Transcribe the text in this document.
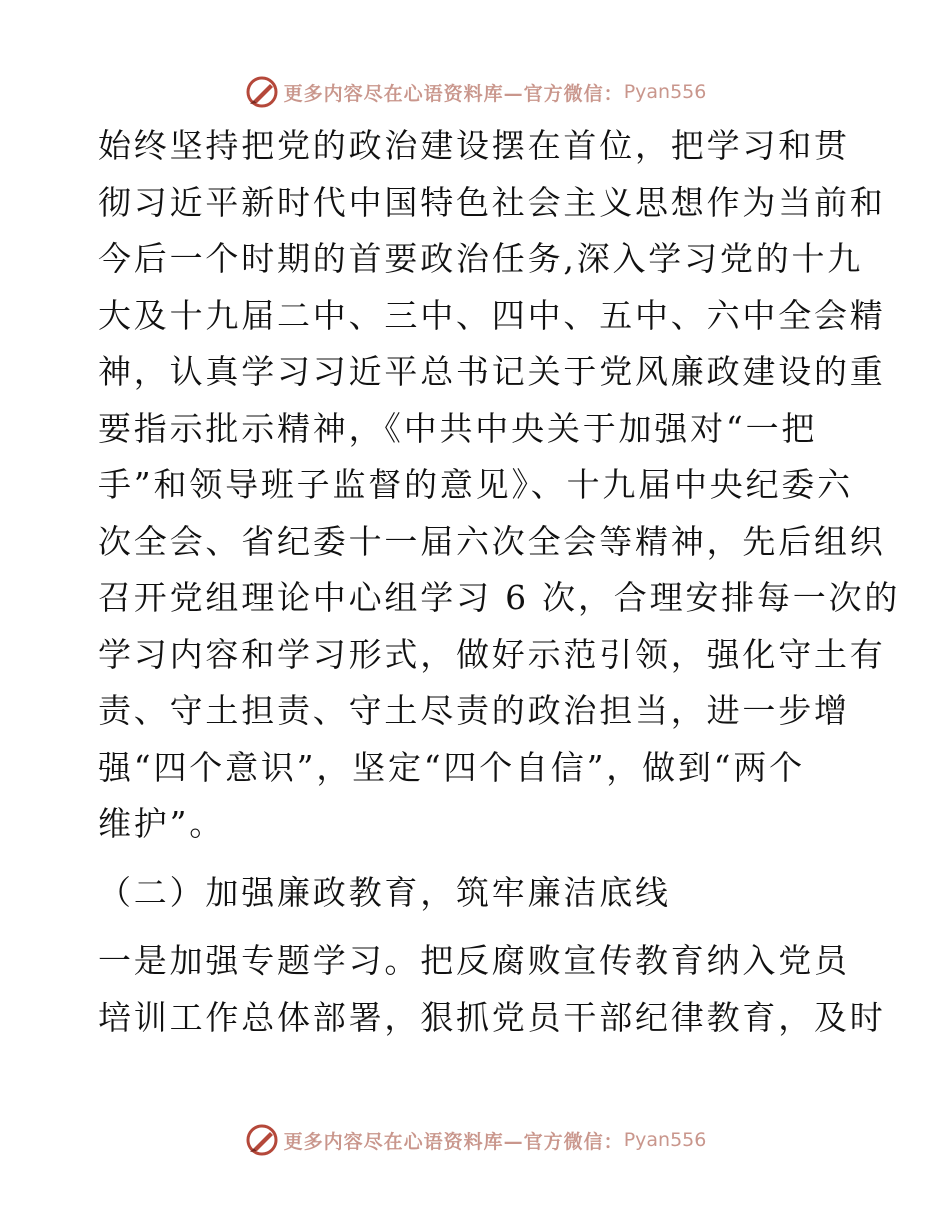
更多内容尽在心语资料库— 官方微信： Pyan556
始终坚持把党的政治建设摆在首位，把学习和贯
彻习近平新时代中国特色社会主义思想作为当前和
今后一个时期的首要政治任务,深入学习党的十九
大及十九届二中、三中、四中、五中、六中全会精
神，认真学习习近平总书记关于党风廉政建设的重
要指示批示精神，《中共中央关于加强对“一把
手”和领导班子监督的意见》、十九届中央纪委六
次全会、省纪委十一届六次全会等精神，先后组织
召开党组理论中心组学习 6 次，合理安排每一次的
学习内容和学习形式，做好示范引领，强化守土有
责、守土担责、守土尽责的政治担当，进一步增
强“四个意识”，坚定“四个自信”，做到“两个
维护”。
（二）加强廉政教育，筑牢廉洁底线
一是加强专题学习。把反腐败宣传教育纳入党员
培训工作总体部署，狠抓党员干部纪律教育，及时
更多内容尽在心语资料库— 官方微信： Pyan556
